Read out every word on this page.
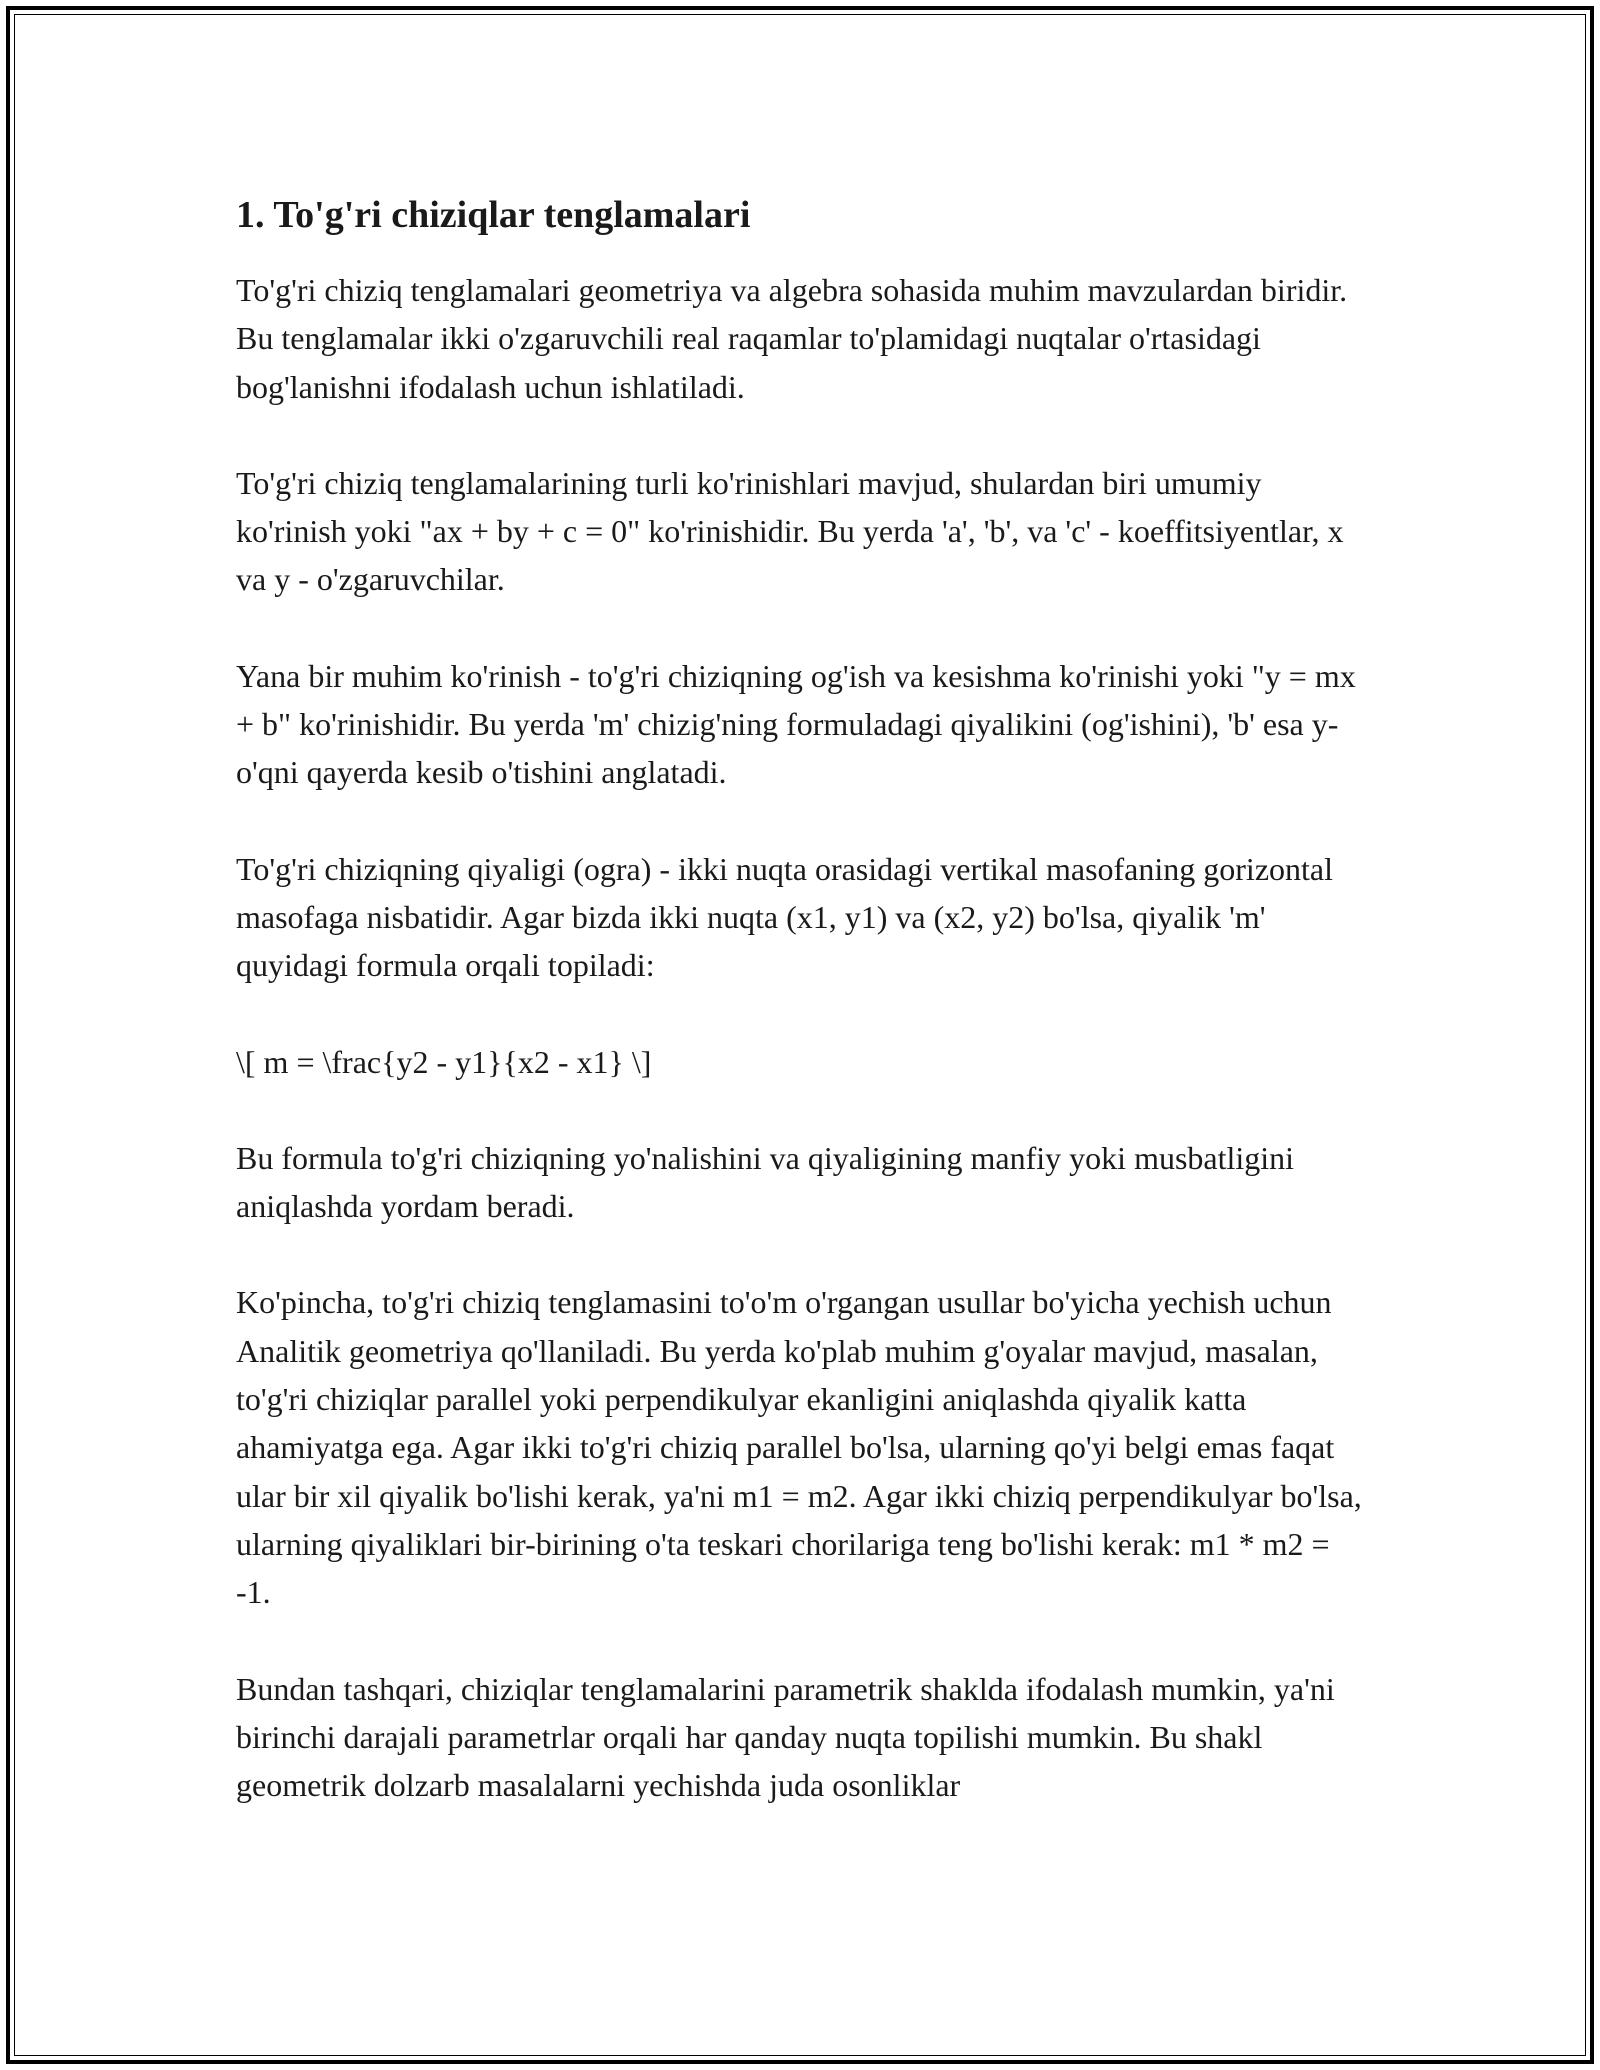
1. To'g'ri chiziqlar tenglamalari

To'g'ri chiziq tenglamalari geometriya va algebra sohasida muhim mavzulardan biridir. Bu tenglamalar ikki o'zgaruvchili real raqamlar to'plamidagi nuqtalar o'rtasidagi bog'lanishni ifodalash uchun ishlatiladi.

To'g'ri chiziq tenglamalarining turli ko'rinishlari mavjud, shulardan biri umumiy ko'rinish yoki "ax + by + c = 0" ko'rinishidir. Bu yerda 'a', 'b', va 'c' - koeffitsiyentlar, x va y - o'zgaruvchilar.

Yana bir muhim ko'rinish - to'g'ri chiziqning og'ish va kesishma ko'rinishi yoki "y = mx + b" ko'rinishidir. Bu yerda 'm' chizig'ning formuladagi qiyalikini (og'ishini), 'b' esa y-o'qni qayerda kesib o'tishini anglatadi.

To'g'ri chiziqning qiyaligi (ogra) - ikki nuqta orasidagi vertikal masofaning gorizontal masofaga nisbatidir. Agar bizda ikki nuqta (x1, y1) va (x2, y2) bo'lsa, qiyalik 'm' quyidagi formula orqali topiladi:

\[ m = \frac{y2 - y1}{x2 - x1} \]

Bu formula to'g'ri chiziqning yo'nalishini va qiyaligining manfiy yoki musbatligini aniqlashda yordam beradi.

Ko'pincha, to'g'ri chiziq tenglamasini to'o'm o'rgangan usullar bo'yicha yechish uchun Analitik geometriya qo'llaniladi. Bu yerda ko'plab muhim g'oyalar mavjud, masalan, to'g'ri chiziqlar parallel yoki perpendikulyar ekanligini aniqlashda qiyalik katta ahamiyatga ega. Agar ikki to'g'ri chiziq parallel bo'lsa, ularning qo'yi belgi emas faqat ular bir xil qiyalik bo'lishi kerak, ya'ni m1 = m2. Agar ikki chiziq perpendikulyar bo'lsa, ularning qiyaliklari bir-birining o'ta teskari chorilariga teng bo'lishi kerak: m1 * m2 = -1.

Bundan tashqari, chiziqlar tenglamalarini parametrik shaklda ifodalash mumkin, ya'ni birinchi darajali parametrlar orqali har qanday nuqta topilishi mumkin. Bu shakl geometrik dolzarb masalalarni yechishda juda osonliklar
